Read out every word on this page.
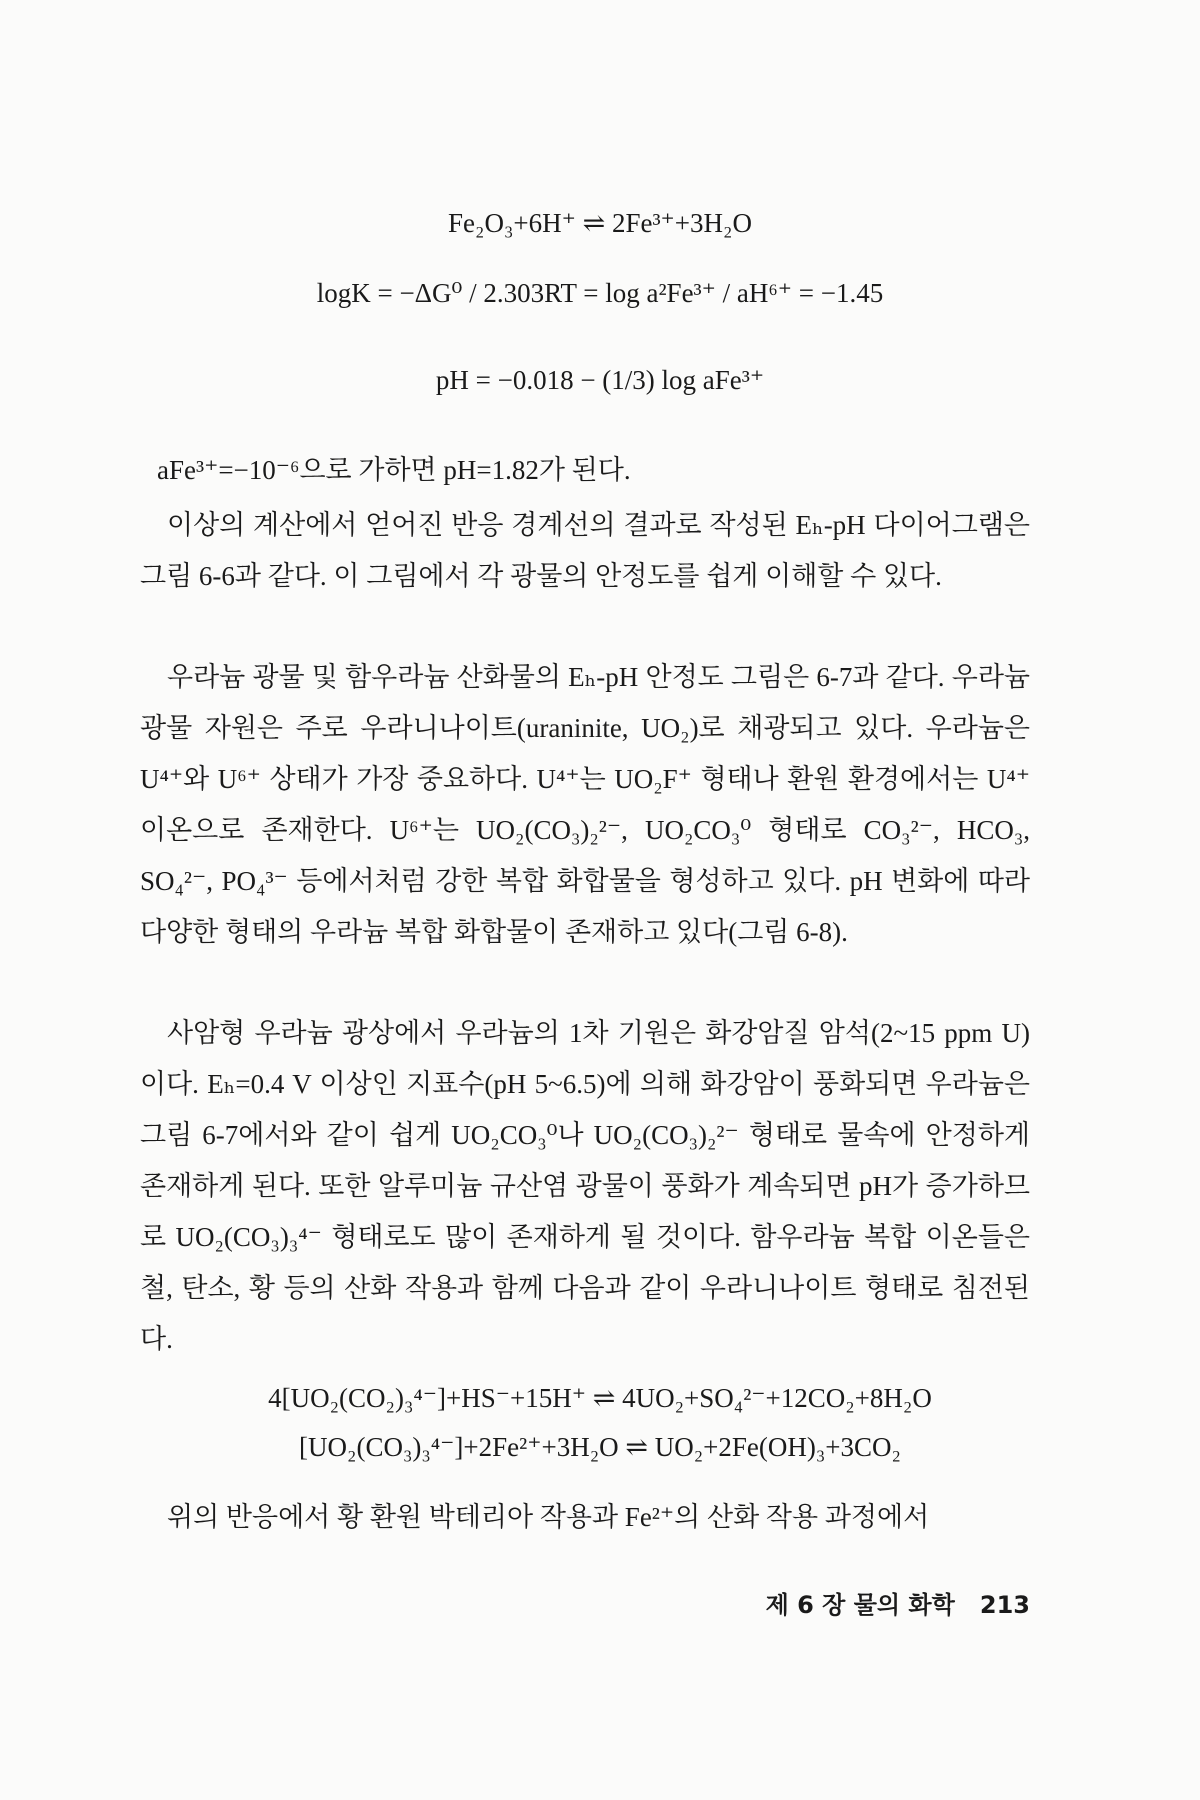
Fe₂O₃+6H⁺ ⇌ 2Fe³⁺+3H₂O
logK = −ΔG⁰ / 2.303RT = log a²Fe³⁺ / aH⁶⁺ = −1.45
pH = −0.018 − (1/3) log aFe³⁺
aFe³⁺=−10⁻⁶으로 가하면 pH=1.82가 된다.

이상의 계산에서 얻어진 반응 경계선의 결과로 작성된 Eₕ-pH 다이어그램은 그림 6-6과 같다. 이 그림에서 각 광물의 안정도를 쉽게 이해할 수 있다.

우라늄 광물 및 함우라늄 산화물의 Eₕ-pH 안정도 그림은 6-7과 같다. 우라늄 광물 자원은 주로 우라니나이트(uraninite, UO₂)로 채광되고 있다. 우라늄은 U⁴⁺와 U⁶⁺ 상태가 가장 중요하다. U⁴⁺는 UO₂F⁺ 형태나 환원 환경에서는 U⁴⁺ 이온으로 존재한다. U⁶⁺는 UO₂(CO₃)₂²⁻, UO₂CO₃⁰ 형태로 CO₃²⁻, HCO₃, SO₄²⁻, PO₄³⁻ 등에서처럼 강한 복합 화합물을 형성하고 있다. pH 변화에 따라 다양한 형태의 우라늄 복합 화합물이 존재하고 있다(그림 6-8).

사암형 우라늄 광상에서 우라늄의 1차 기원은 화강암질 암석(2~15 ppm U)이다. Eₕ=0.4 V 이상인 지표수(pH 5~6.5)에 의해 화강암이 풍화되면 우라늄은 그림 6-7에서와 같이 쉽게 UO₂CO₃⁰나 UO₂(CO₃)₂²⁻ 형태로 물속에 안정하게 존재하게 된다. 또한 알루미늄 규산염 광물이 풍화가 계속되면 pH가 증가하므로 UO₂(CO₃)₃⁴⁻ 형태로도 많이 존재하게 될 것이다. 함우라늄 복합 이온들은 철, 탄소, 황 등의 산화 작용과 함께 다음과 같이 우라니나이트 형태로 침전된다.

4[UO₂(CO₂)₃⁴⁻]+HS⁻+15H⁺ ⇌ 4UO₂+SO₄²⁻+12CO₂+8H₂O
[UO₂(CO₃)₃⁴⁻]+2Fe²⁺+3H₂O ⇌ UO₂+2Fe(OH)₃+3CO₂

위의 반응에서 황 환원 박테리아 작용과 Fe²⁺의 산화 작용 과정에서

제 6 장 물의 화학 213
